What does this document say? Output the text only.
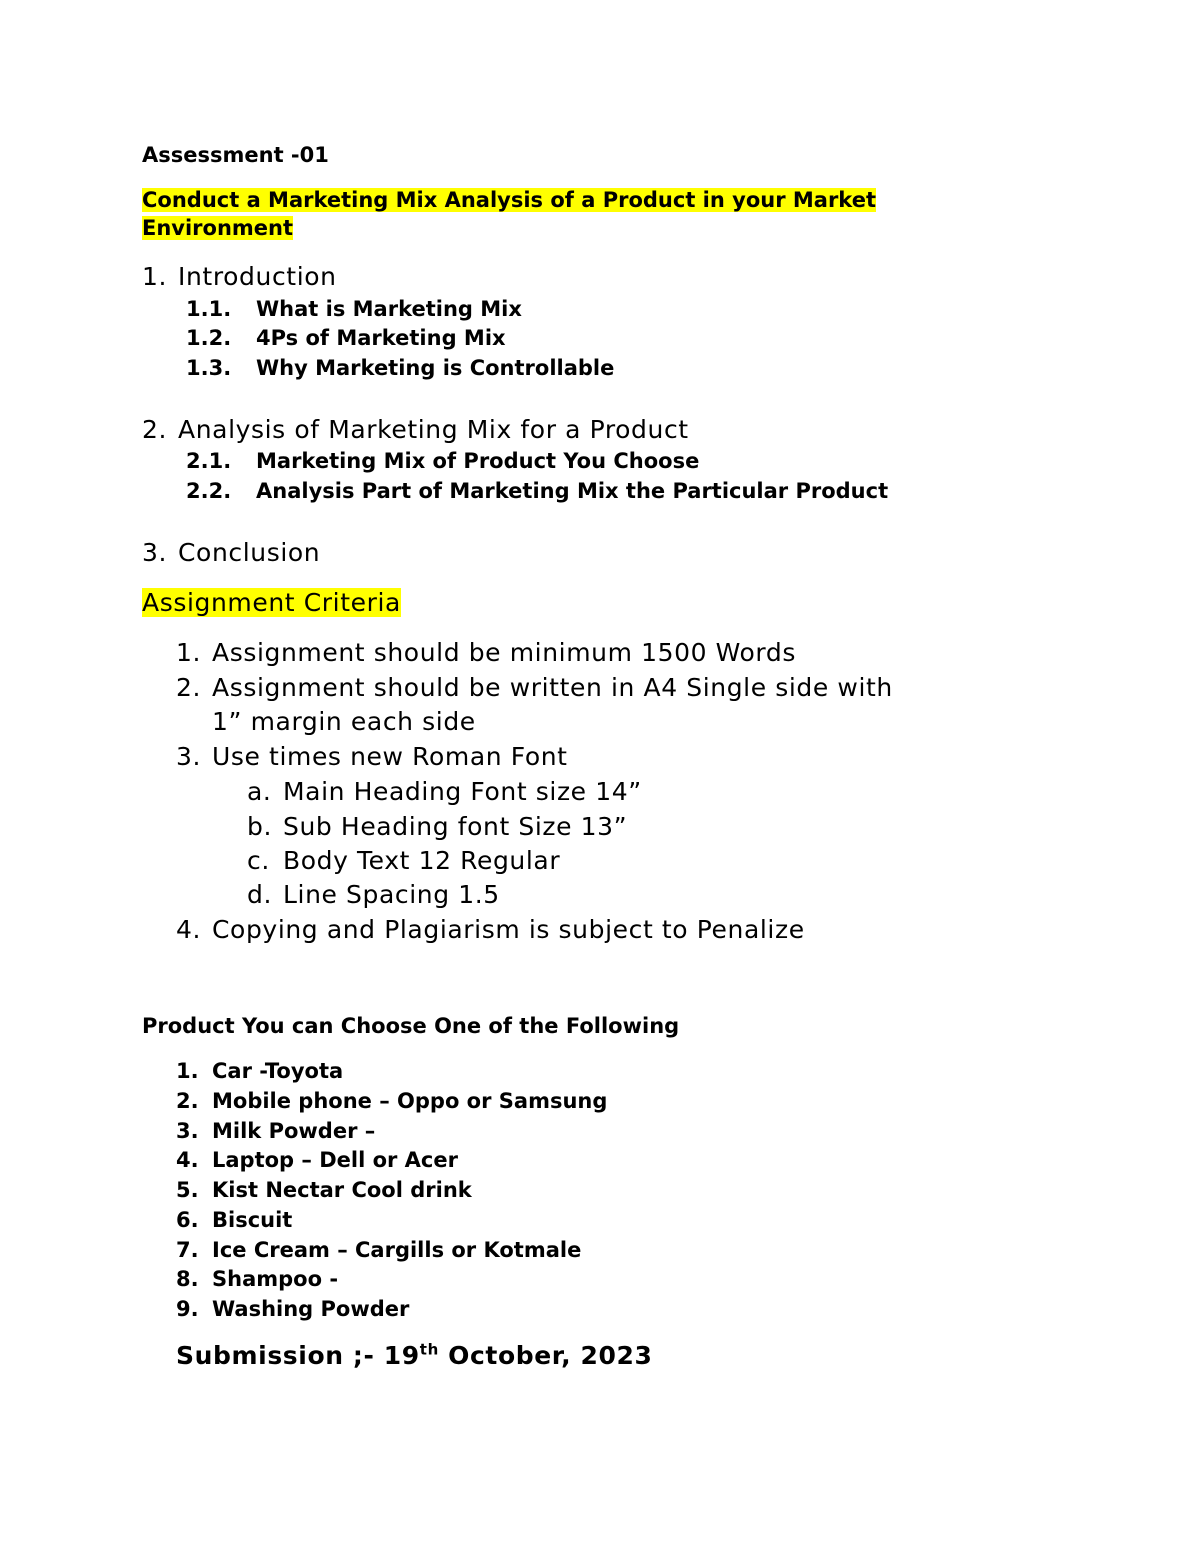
Assessment -01
Conduct a Marketing Mix Analysis of a Product in your Market
Environment
1. Introduction
1.1. What is Marketing Mix
1.2. 4Ps of Marketing Mix
1.3. Why Marketing is Controllable
2. Analysis of Marketing Mix for a Product
2.1. Marketing Mix of Product You Choose
2.2. Analysis Part of Marketing Mix the Particular Product
3. Conclusion
Assignment Criteria
1. Assignment should be minimum 1500 Words
2. Assignment should be written in A4 Single side with
1” margin each side
3. Use times new Roman Font
a. Main Heading Font size 14”
b. Sub Heading font Size 13”
c. Body Text 12 Regular
d. Line Spacing 1.5
4. Copying and Plagiarism is subject to Penalize
Product You can Choose One of the Following
1. Car -Toyota
2. Mobile phone – Oppo or Samsung
3. Milk Powder –
4. Laptop – Dell or Acer
5. Kist Nectar Cool drink
6. Biscuit
7. Ice Cream – Cargills or Kotmale
8. Shampoo -
9. Washing Powder
Submission ;- 19th October, 2023
